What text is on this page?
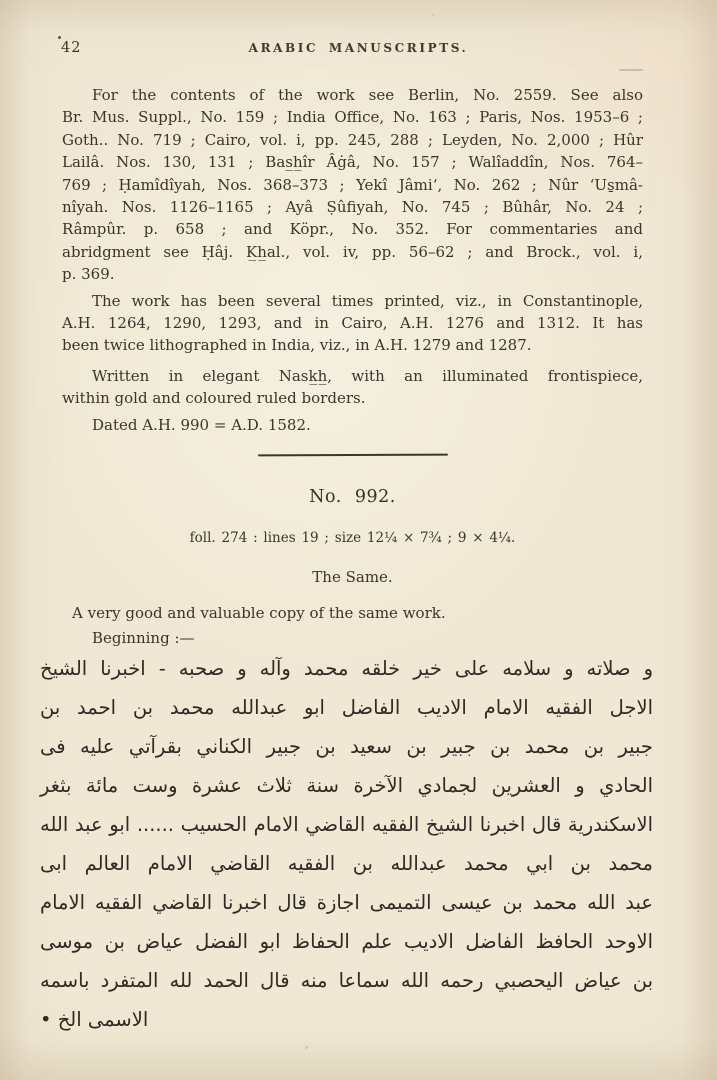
42	ARABIC MANUSCRIPTS.
For the contents of the work see Berlin, No. 2559. See also
Br. Mus. Suppl., No. 159 ; India Office, No. 163 ; Paris, Nos. 1953–6 ;
Goth.. No. 719 ; Cairo, vol. i, pp. 245, 288 ; Leyden, No. 2,000 ; Hûr
Lailâ. Nos. 130, 131 ; Bas̲h̲îr Âġâ, No. 157 ; Walîaddîn, Nos. 764–
769 ; Ḥamîdîyah, Nos. 368–373 ; Yekî Jâmiʻ, No. 262 ; Nûr ʻUs̱mâ-
nîyah. Nos. 1126–1165 ; Ayâ Ṣûfiyah, No. 745 ; Bûhâr, No. 24 ;
Râmpûr. p. 658 ; and Köpr., No. 352. For commentaries and
abridgment see Ḥâj. K̲h̲al., vol. iv, pp. 56–62 ; and Brock., vol. i,
p. 369.
The work has been several times printed, viz., in Constantinople,
A.H. 1264, 1290, 1293, and in Cairo, A.H. 1276 and 1312. It has
been twice lithographed in India, viz., in A.H. 1279 and 1287.
Written in elegant Nask̲h̲, with an illuminated frontispiece,
within gold and coloured ruled borders.
Dated A.H. 990 = A.D. 1582.
No. 992.
foll. 274 : lines 19 ; size 12¼ × 7¾ ; 9 × 4¼.
The Same.
A very good and valuable copy of the same work.
Beginning :—
و صلاته و سلامه على خير خلقه محمد وآله و صحبه - اخبرنا الشيخ
الاجل الفقيه الامام الاديب الفاضل ابو عبدالله محمد بن احمد بن
جبير بن محمد بن جبير بن سعيد بن جبير الكناني بقرآتي عليه فى
الحادي و العشرين لجمادي الآخرة سنة ثلاث عشرة وست مائة بثغر
الاسكندرية قال اخبرنا الشيخ الفقيه القاضي الامام الحسيب ...... ابو عبد الله
محمد بن ابي محمد عبدالله بن الفقيه القاضي الامام العالم ابى
عبد الله محمد بن عيسى التميمى اجازة قال اخبرنا القاضي الفقيه الامام
الاوحد الحافظ الفاضل الاديب علم الحفاظ ابو الفضل عياض بن موسى
بن عياض اليحصبي رحمه الله سماعا منه قال الحمد لله المتفرد باسمه
الاسمى الخ •
